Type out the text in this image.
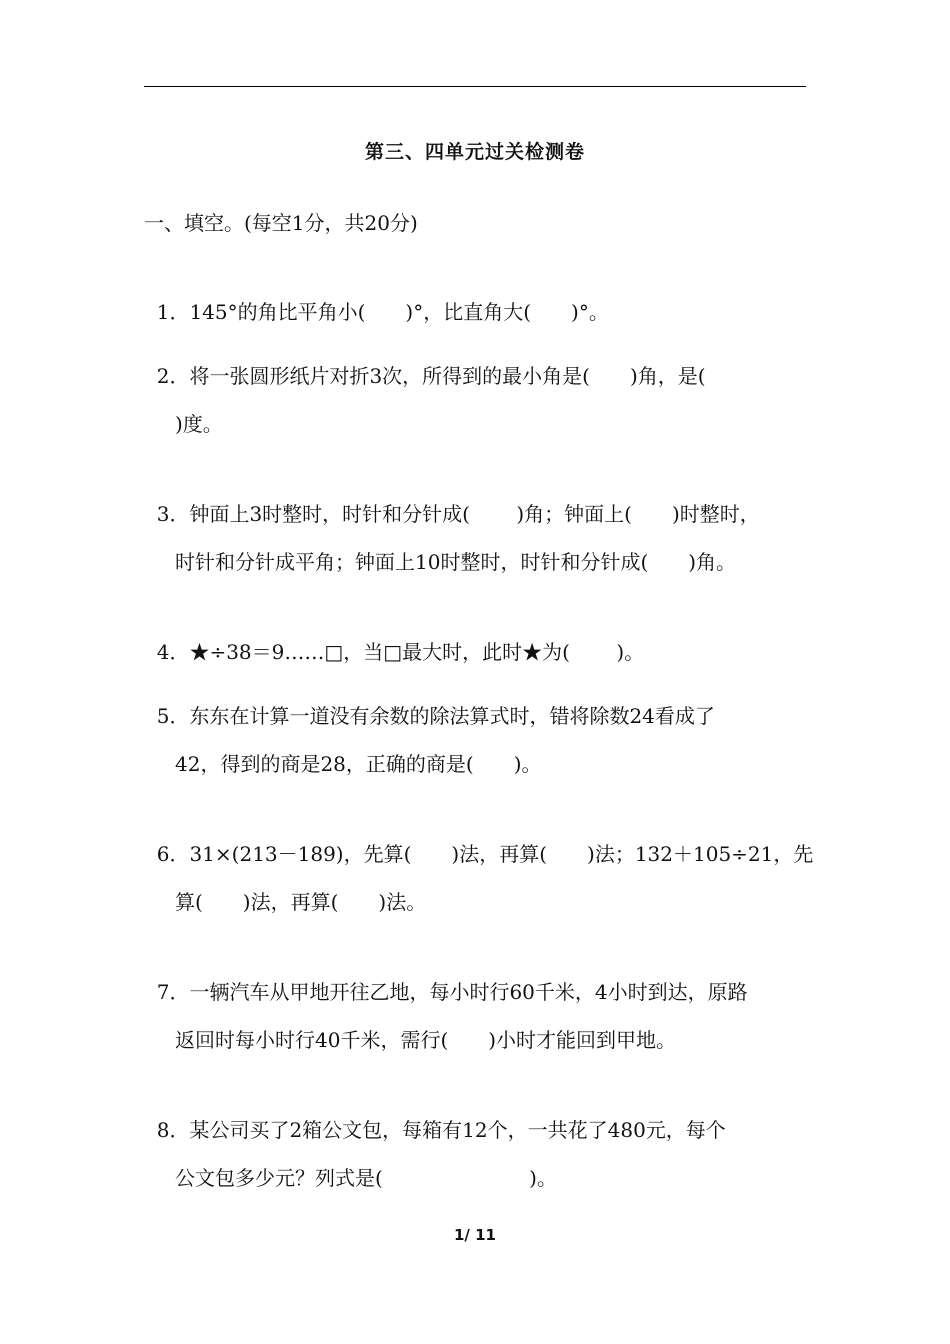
第三、四单元过关检测卷
一、填空。(每空1分，共20分)

1．145°的角比平角小(　　)°，比直角大(　　)°。

2．将一张圆形纸片对折3次，所得到的最小角是(　　)角，是(

)度。

3．钟面上3时整时，时针和分针成(　　 )角；钟面上(　　)时整时，

时针和分针成平角；钟面上10时整时，时针和分针成(　　)角。

4．★÷38＝9……□，当□最大时，此时★为(　　 )。

5．东东在计算一道没有余数的除法算式时，错将除数24看成了

42，得到的商是28，正确的商是(　　)。

6．31×(213－189)，先算(　　)法，再算(　　)法；132＋105÷21，先

算(　　)法，再算(　　)法。

7．一辆汽车从甲地开往乙地，每小时行60千米，4小时到达，原路

返回时每小时行40千米，需行(　　)小时才能回到甲地。

8．某公司买了2箱公文包，每箱有12个，一共花了480元，每个

公文包多少元？列式是(　　　　　　　 )。
1/ 11
